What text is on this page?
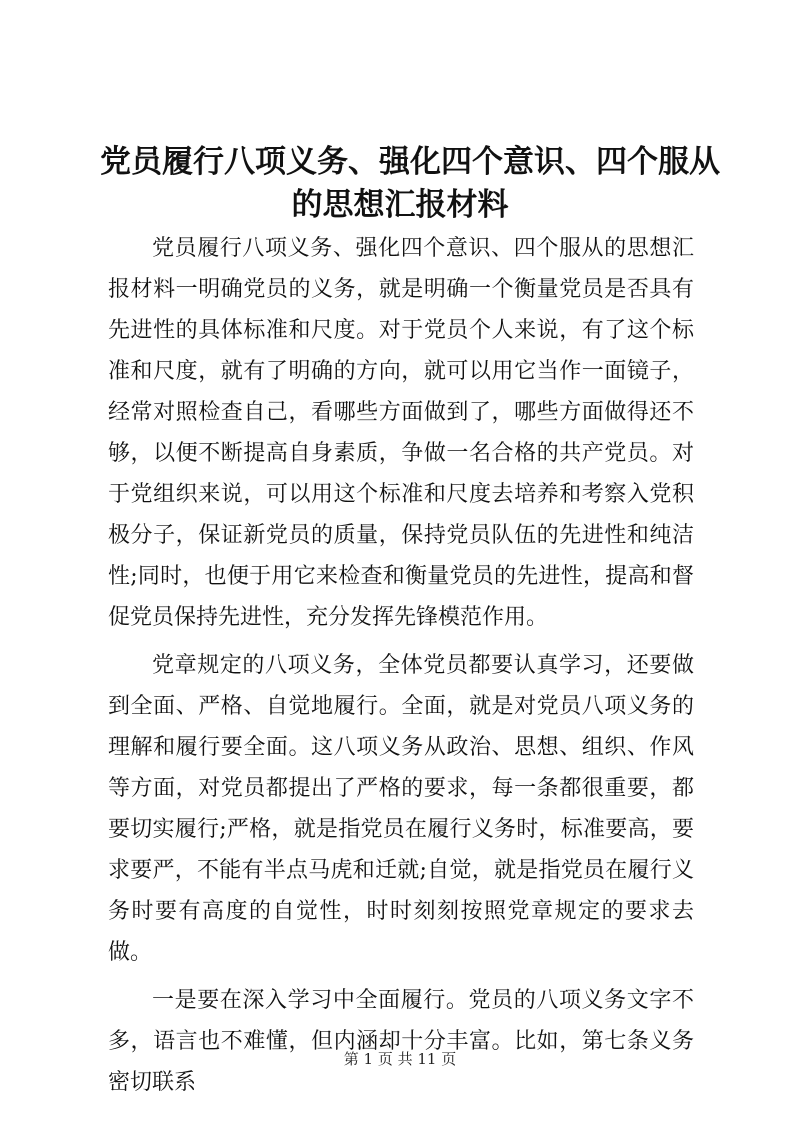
党员履行八项义务、强化四个意识、四个服从
的思想汇报材料

党员履行八项义务、强化四个意识、四个服从的思想汇报材料一明确党员的义务，就是明确一个衡量党员是否具有先进性的具体标准和尺度。对于党员个人来说，有了这个标准和尺度，就有了明确的方向，就可以用它当作一面镜子，经常对照检查自己，看哪些方面做到了，哪些方面做得还不够，以便不断提高自身素质，争做一名合格的共产党员。对于党组织来说，可以用这个标准和尺度去培养和考察入党积极分子，保证新党员的质量，保持党员队伍的先进性和纯洁性;同时，也便于用它来检查和衡量党员的先进性，提高和督促党员保持先进性，充分发挥先锋模范作用。

党章规定的八项义务，全体党员都要认真学习，还要做到全面、严格、自觉地履行。全面，就是对党员八项义务的理解和履行要全面。这八项义务从政治、思想、组织、作风等方面，对党员都提出了严格的要求，每一条都很重要，都要切实履行;严格，就是指党员在履行义务时，标准要高，要求要严，不能有半点马虎和迁就;自觉，就是指党员在履行义务时要有高度的自觉性，时时刻刻按照党章规定的要求去做。

一是要在深入学习中全面履行。党员的八项义务文字不多，语言也不难懂，但内涵却十分丰富。比如，第七条义务密切联系

第 1 页 共 11 页
